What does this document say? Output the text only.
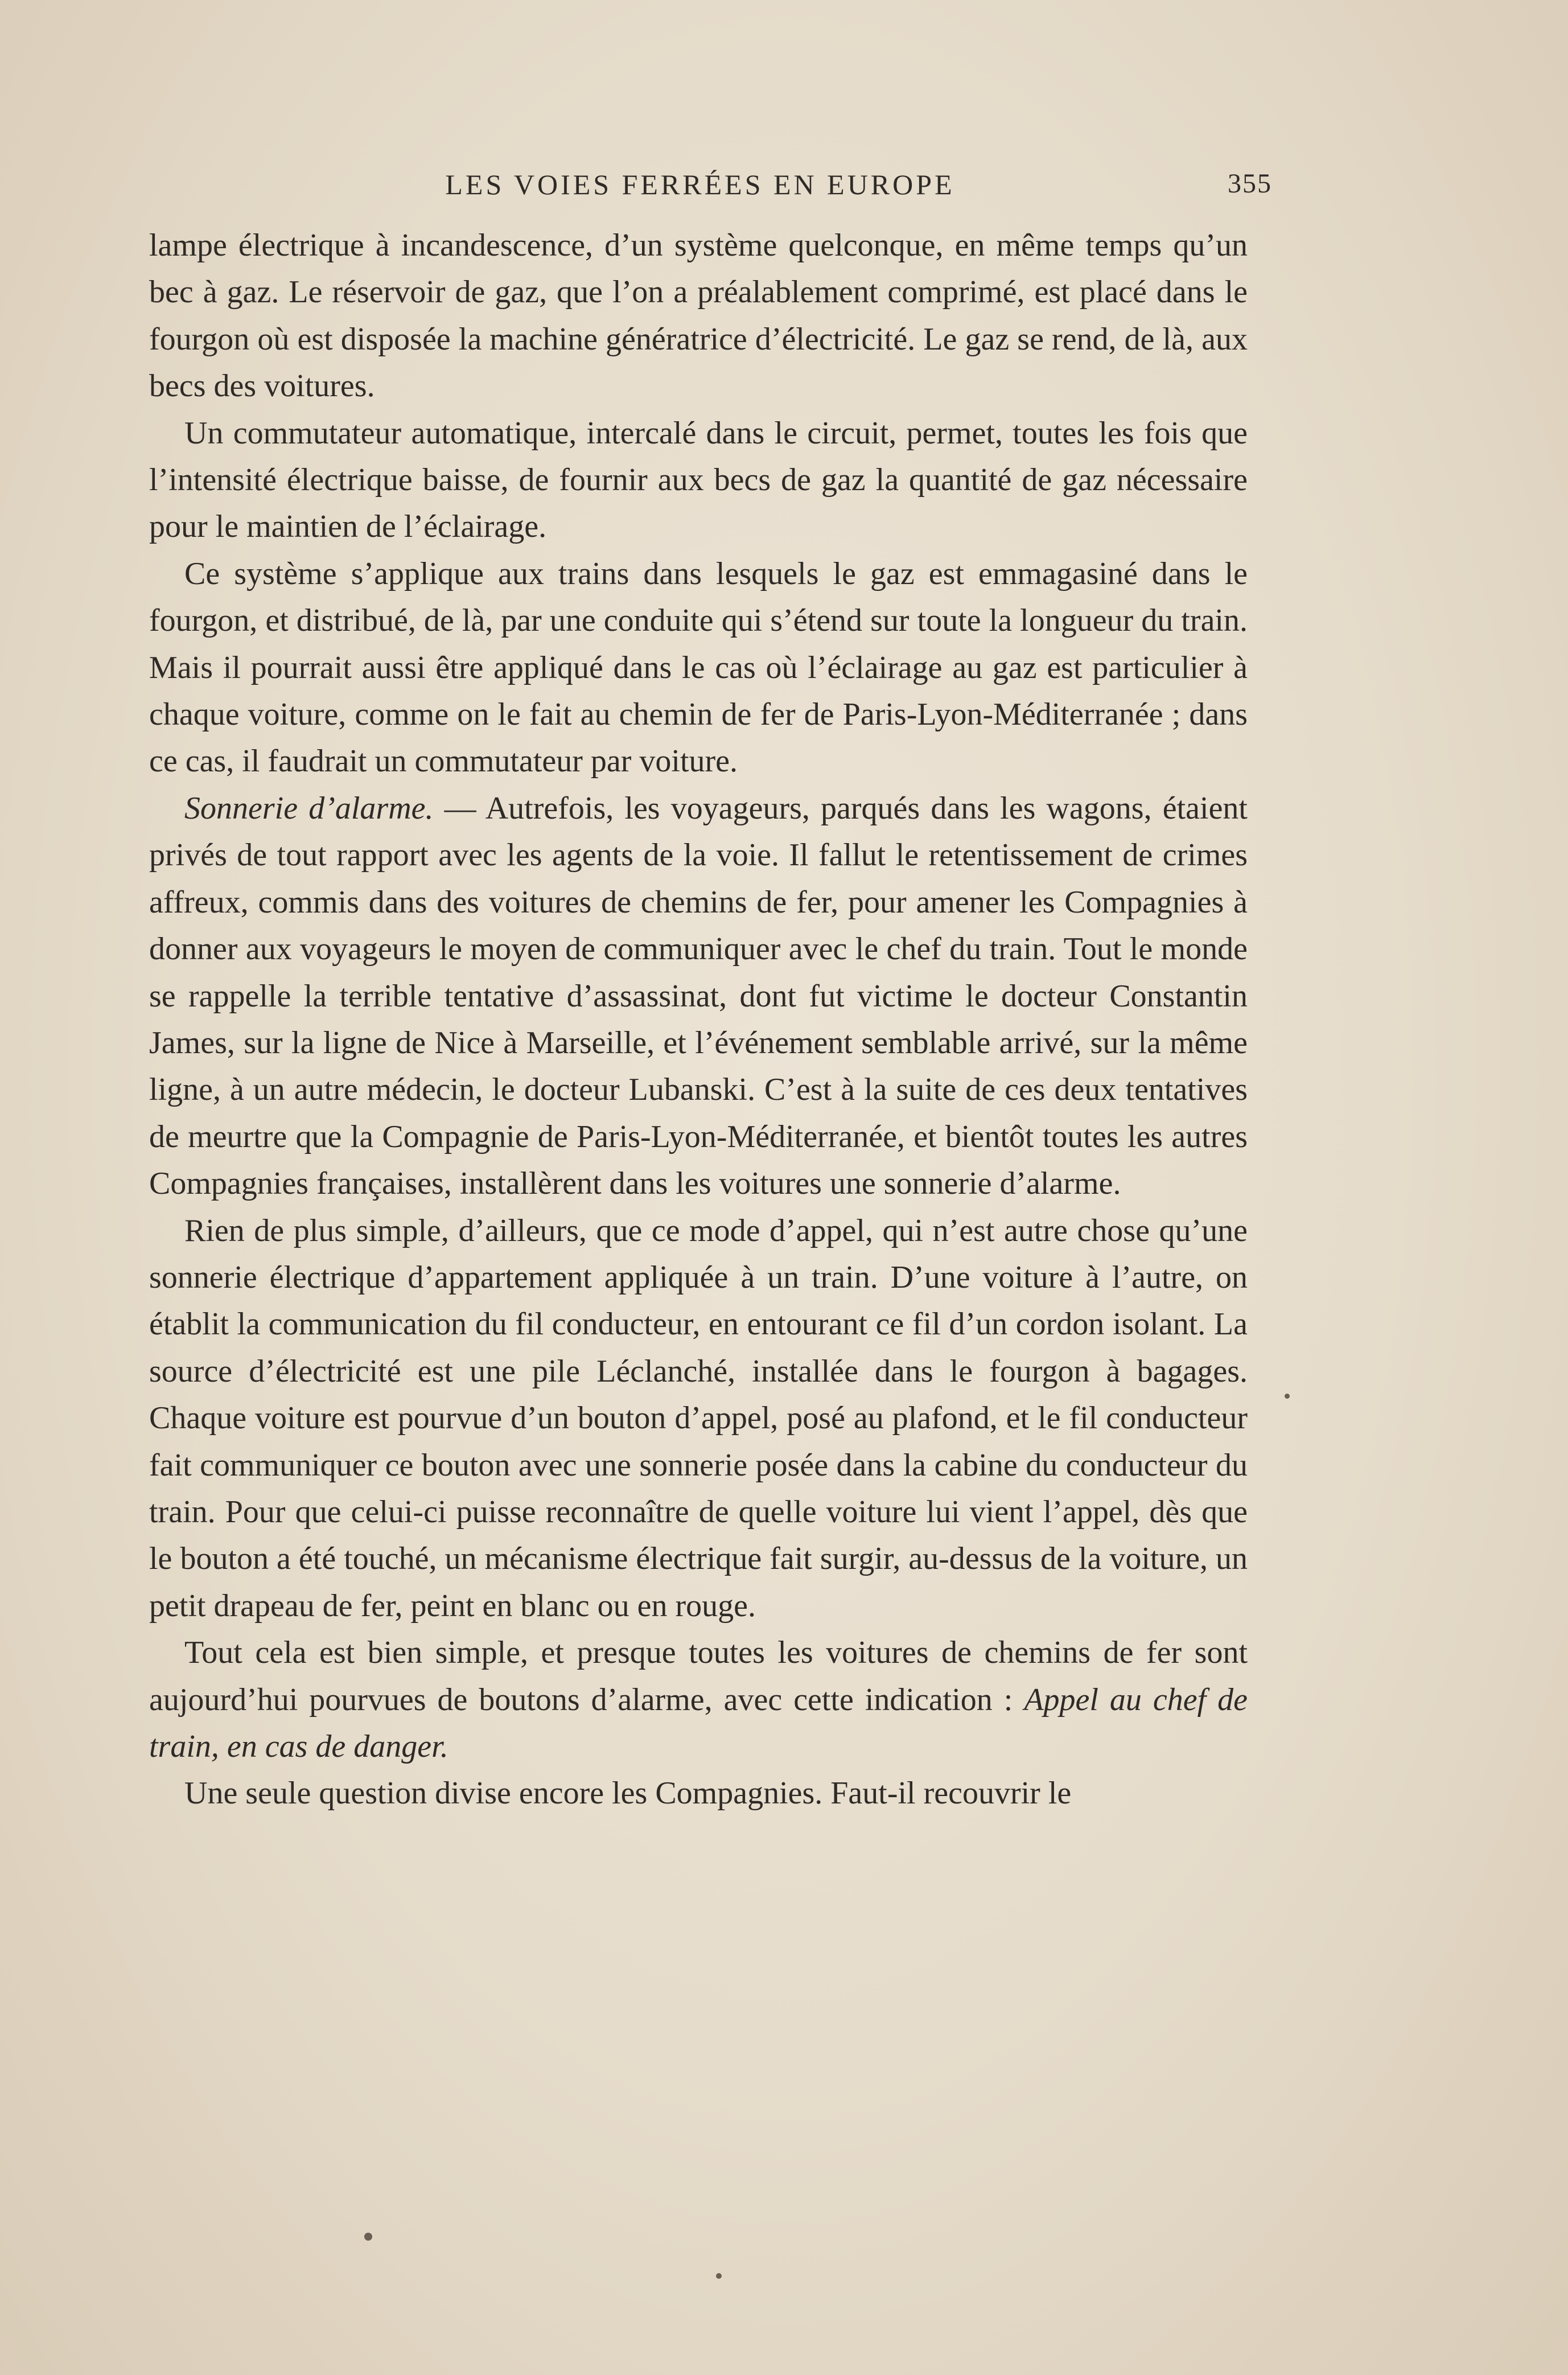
LES VOIES FERRÉES EN EUROPE	355

lampe électrique à incandescence, d’un système quelconque, en même temps qu’un bec à gaz. Le réservoir de gaz, que l’on a préalablement comprimé, est placé dans le fourgon où est disposée la machine génératrice d’électricité. Le gaz se rend, de là, aux becs des voitures.

Un commutateur automatique, intercalé dans le circuit, permet, toutes les fois que l’intensité électrique baisse, de fournir aux becs de gaz la quantité de gaz nécessaire pour le maintien de l’éclairage.

Ce système s’applique aux trains dans lesquels le gaz est emmagasiné dans le fourgon, et distribué, de là, par une conduite qui s’étend sur toute la longueur du train. Mais il pourrait aussi être appliqué dans le cas où l’éclairage au gaz est particulier à chaque voiture, comme on le fait au chemin de fer de Paris-Lyon-Méditerranée ; dans ce cas, il faudrait un commutateur par voiture.

Sonnerie d’alarme. — Autrefois, les voyageurs, parqués dans les wagons, étaient privés de tout rapport avec les agents de la voie. Il fallut le retentissement de crimes affreux, commis dans des voitures de chemins de fer, pour amener les Compagnies à donner aux voyageurs le moyen de communiquer avec le chef du train. Tout le monde se rappelle la terrible tentative d’assassinat, dont fut victime le docteur Constantin James, sur la ligne de Nice à Marseille, et l’événement semblable arrivé, sur la même ligne, à un autre médecin, le docteur Lubanski. C’est à la suite de ces deux tentatives de meurtre que la Compagnie de Paris-Lyon-Méditerranée, et bientôt toutes les autres Compagnies françaises, installèrent dans les voitures une sonnerie d’alarme.

Rien de plus simple, d’ailleurs, que ce mode d’appel, qui n’est autre chose qu’une sonnerie électrique d’appartement appliquée à un train. D’une voiture à l’autre, on établit la communication du fil conducteur, en entourant ce fil d’un cordon isolant. La source d’électricité est une pile Léclanché, installée dans le fourgon à bagages. Chaque voiture est pourvue d’un bouton d’appel, posé au plafond, et le fil conducteur fait communiquer ce bouton avec une sonnerie posée dans la cabine du conducteur du train. Pour que celui-ci puisse reconnaître de quelle voiture lui vient l’appel, dès que le bouton a été touché, un mécanisme électrique fait surgir, au-dessus de la voiture, un petit drapeau de fer, peint en blanc ou en rouge.

Tout cela est bien simple, et presque toutes les voitures de chemins de fer sont aujourd’hui pourvues de boutons d’alarme, avec cette indication : Appel au chef de train, en cas de danger.

Une seule question divise encore les Compagnies. Faut-il recouvrir le
